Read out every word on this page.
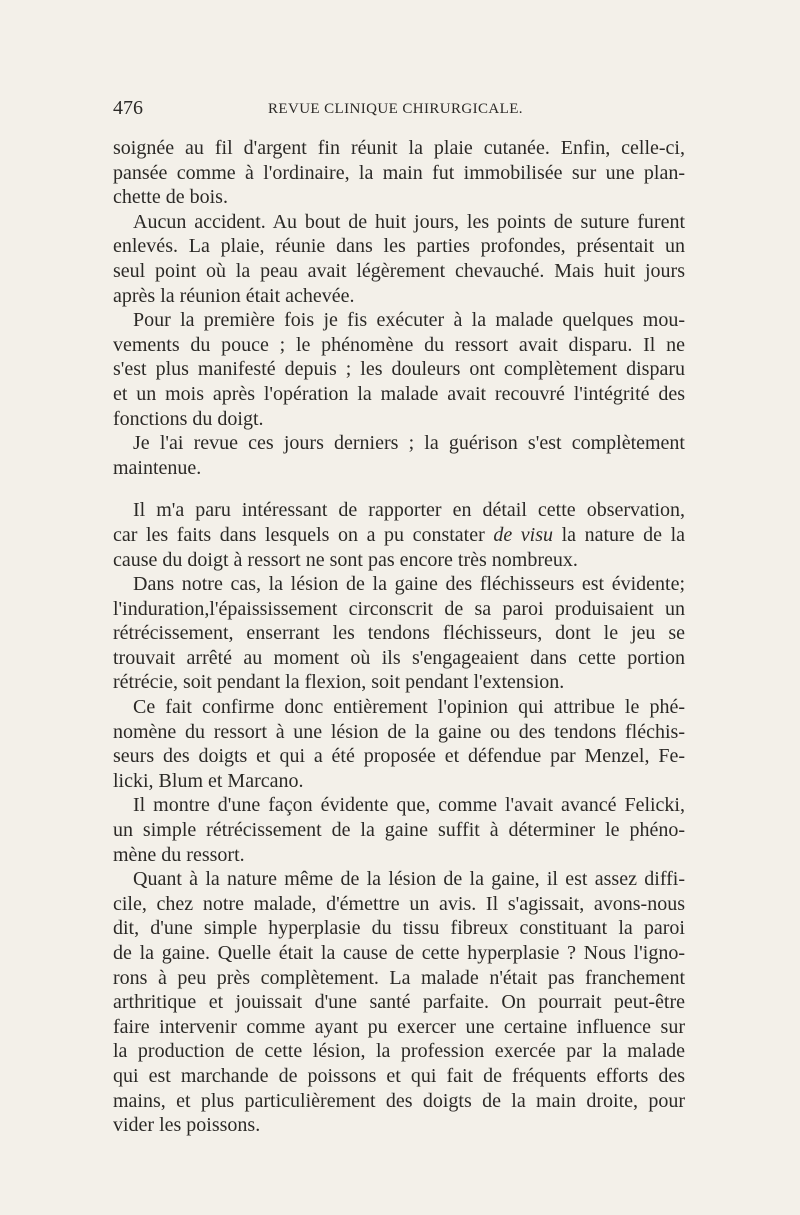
476	REVUE CLINIQUE CHIRURGICALE.
soignée au fil d'argent fin réunit la plaie cutanée. Enfin, celle-ci,
pansée comme à l'ordinaire, la main fut immobilisée sur une plan-
chette de bois.
Aucun accident. Au bout de huit jours, les points de suture furent
enlevés. La plaie, réunie dans les parties profondes, présentait un
seul point où la peau avait légèrement chevauché. Mais huit jours
après la réunion était achevée.
Pour la première fois je fis exécuter à la malade quelques mou-
vements du pouce ; le phénomène du ressort avait disparu. Il ne
s'est plus manifesté depuis ; les douleurs ont complètement disparu
et un mois après l'opération la malade avait recouvré l'intégrité des
fonctions du doigt.
Je l'ai revue ces jours derniers ; la guérison s'est complètement
maintenue.
Il m'a paru intéressant de rapporter en détail cette observation,
car les faits dans lesquels on a pu constater de visu la nature de la
cause du doigt à ressort ne sont pas encore très nombreux.
Dans notre cas, la lésion de la gaine des fléchisseurs est évidente;
l'induration,l'épaississement circonscrit de sa paroi produisaient un
rétrécissement, enserrant les tendons fléchisseurs, dont le jeu se
trouvait arrêté au moment où ils s'engageaient dans cette portion
rétrécie, soit pendant la flexion, soit pendant l'extension.
Ce fait confirme donc entièrement l'opinion qui attribue le phé-
nomène du ressort à une lésion de la gaine ou des tendons fléchis-
seurs des doigts et qui a été proposée et défendue par Menzel, Fe-
licki, Blum et Marcano.
Il montre d'une façon évidente que, comme l'avait avancé Felicki,
un simple rétrécissement de la gaine suffit à déterminer le phéno-
mène du ressort.
Quant à la nature même de la lésion de la gaine, il est assez diffi-
cile, chez notre malade, d'émettre un avis. Il s'agissait, avons-nous
dit, d'une simple hyperplasie du tissu fibreux constituant la paroi
de la gaine. Quelle était la cause de cette hyperplasie ? Nous l'igno-
rons à peu près complètement. La malade n'était pas franchement
arthritique et jouissait d'une santé parfaite. On pourrait peut-être
faire intervenir comme ayant pu exercer une certaine influence sur
la production de cette lésion, la profession exercée par la malade
qui est marchande de poissons et qui fait de fréquents efforts des
mains, et plus particulièrement des doigts de la main droite, pour
vider les poissons.
